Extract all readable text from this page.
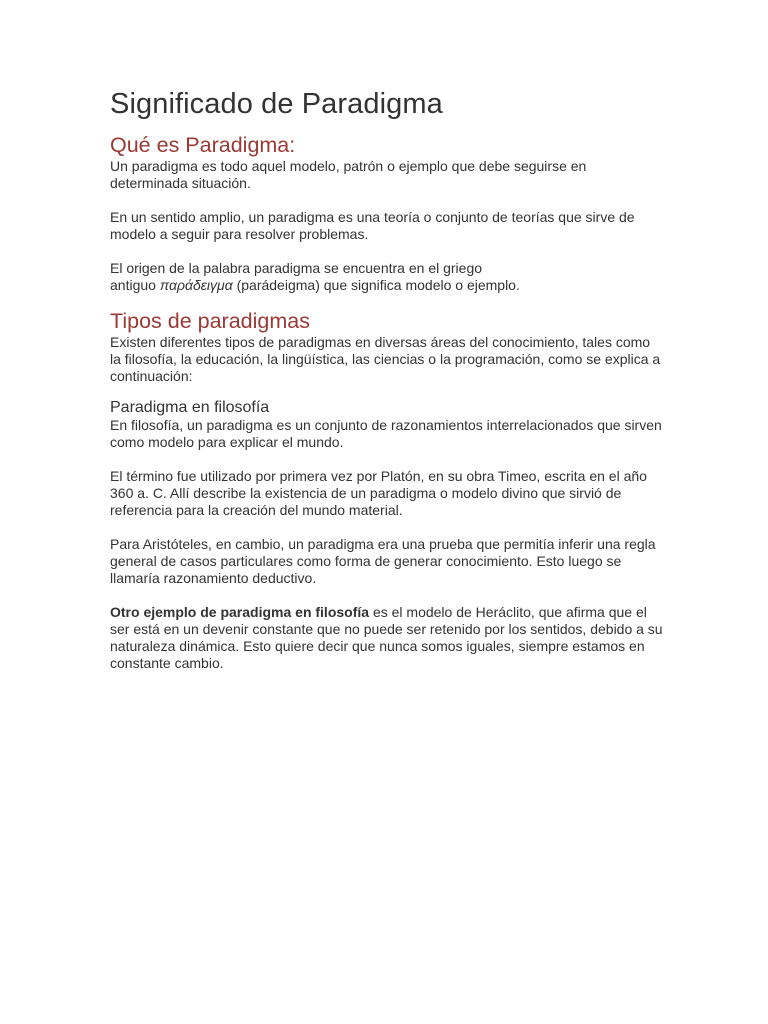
Significado de Paradigma
Qué es Paradigma:

Un paradigma es todo aquel modelo, patrón o ejemplo que debe seguirse en determinada situación.

En un sentido amplio, un paradigma es una teoría o conjunto de teorías que sirve de modelo a seguir para resolver problemas.

El origen de la palabra paradigma se encuentra en el griego
antiguo παράδειγμα (parádeigma) que significa modelo o ejemplo.

Tipos de paradigmas

Existen diferentes tipos de paradigmas en diversas áreas del conocimiento, tales como la filosofía, la educación, la lingüística, las ciencias o la programación, como se explica a continuación:

Paradigma en filosofía

En filosofía, un paradigma es un conjunto de razonamientos interrelacionados que sirven como modelo para explicar el mundo.

El término fue utilizado por primera vez por Platón, en su obra Timeo, escrita en el año 360 a. C. Allí describe la existencia de un paradigma o modelo divino que sirvió de referencia para la creación del mundo material.

Para Aristóteles, en cambio, un paradigma era una prueba que permitía inferir una regla general de casos particulares como forma de generar conocimiento. Esto luego se llamaría razonamiento deductivo.

Otro ejemplo de paradigma en filosofía es el modelo de Heráclito, que afirma que el ser está en un devenir constante que no puede ser retenido por los sentidos, debido a su naturaleza dinámica. Esto quiere decir que nunca somos iguales, siempre estamos en constante cambio.
